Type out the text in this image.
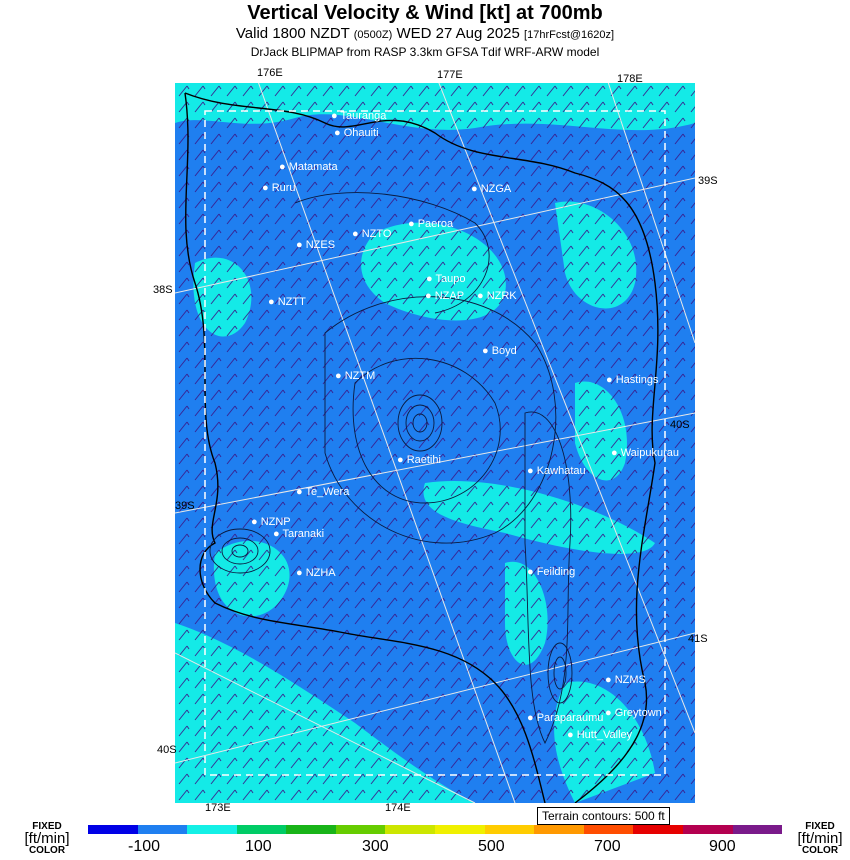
Vertical Velocity & Wind [kt] at 700mb
Valid 1800 NZDT (0500Z) WED 27 Aug 2025 [17hrFcst@1620z]
DrJack BLIPMAP from RASP 3.3km GFSA Tdif WRF-ARW model
● Tauranga
● Ohauiti
● Matamata
● Ruru	● NZGA
● Paeroa
● NZTO
● NZES
● Taupo
● NZAP ● NZRK
● NZTT
● Boyd
● NZTM	● Hastings
● Waipukurau
● Raetihi
● Kawhatau
● Te_Wera
● NZNP
● Taranaki
● NZHA	● Feilding
● NZMS
● Greytown
● Paraparaumu
● Hutt_Valley
176E	177E	178E
173E	174E
38S
39S
40S
39S
40S
41S
Terrain contours: 500 ft
FIXED
[ft/min]
COLOR
FIXED
[ft/min]
COLOR
-100	100	300	500	700	900
